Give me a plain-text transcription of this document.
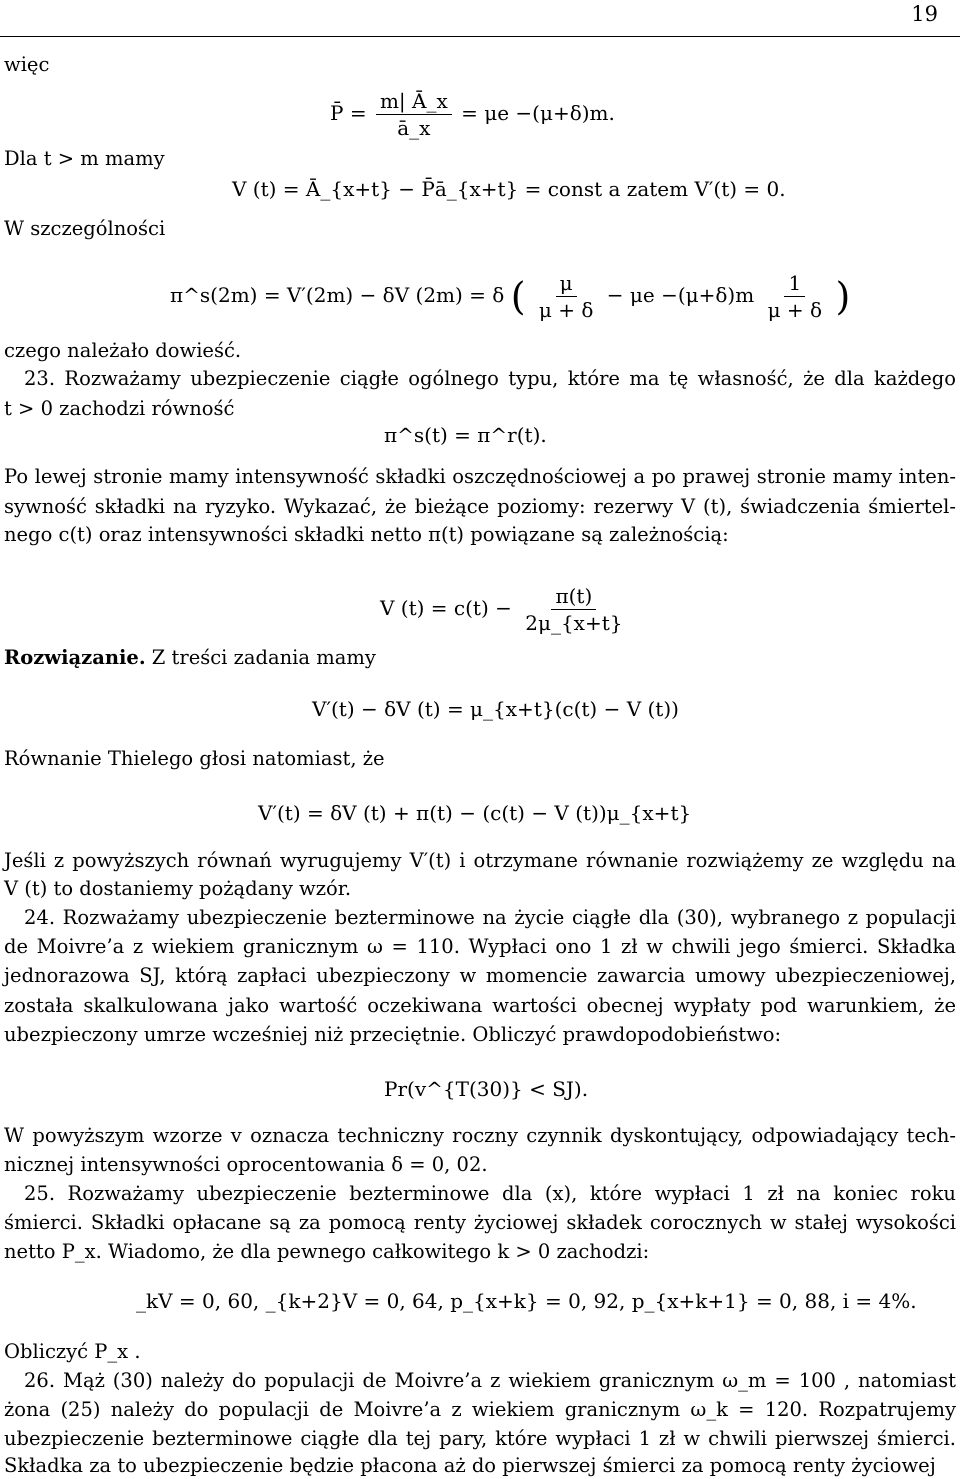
19
więc
P̄ = $\frac{m| Ā\_x}{ā\_x} = \mu e -(\mu+\delta)m$.
Dla t > m mamy
V (t) = Ā_{x+t} − P̄ā_{x+t} = const a zatem V′(t) = 0.
W szczególności
π^s(2m) = V′(2m) − δV (2m) = δ ( $\frac{\mu}{\mu + \delta} - \mu e -(\mu+\delta)m \frac{1}{\mu + \delta}$ )
czego należało dowieść.
23. Rozważamy ubezpieczenie ciągłe ogólnego typu, które ma tę własność, że dla każdego
t > 0 zachodzi równość
π^s(t) = π^r(t).
Po lewej stronie mamy intensywność składki oszczędnościowej a po prawej stronie mamy inten-
sywność składki na ryzyko. Wykazać, że bieżące poziomy: rezerwy V (t), świadczenia śmiertel-
nego c(t) oraz intensywności składki netto π(t) powiązane są zależnością:
V $(t) = c(t) - \frac{\pi(t)}{2\mu\_\{x+t\}}$
Rozwiązanie. Z treści zadania mamy
V′(t) − δV (t) = μ_{x+t}(c(t) − V (t))
Równanie Thielego głosi natomiast, że
V′(t) = δV (t) + π(t) − (c(t) − V (t))μ_{x+t}
Jeśli z powyższych równań wyrugujemy V′(t) i otrzymane równanie rozwiążemy ze względu na
V (t) to dostaniemy pożądany wzór.
24. Rozważamy ubezpieczenie bezterminowe na życie ciągłe dla (30), wybranego z populacji
de Moivre’a z wiekiem granicznym ω = 110. Wypłaci ono 1 zł w chwili jego śmierci. Składka
jednorazowa SJ, którą zapłaci ubezpieczony w momencie zawarcia umowy ubezpieczeniowej,
została skalkulowana jako wartość oczekiwana wartości obecnej wypłaty pod warunkiem, że
ubezpieczony umrze wcześniej niż przeciętnie. Obliczyć prawdopodobieństwo:
Pr(v^{T(30)} < SJ).
W powyższym wzorze v oznacza techniczny roczny czynnik dyskontujący, odpowiadający tech-
nicznej intensywności oprocentowania δ = 0, 02.
25. Rozważamy ubezpieczenie bezterminowe dla (x), które wypłaci 1 zł na koniec roku
śmierci. Składki opłacane są za pomocą renty życiowej składek corocznych w stałej wysokości
netto P_x. Wiadomo, że dla pewnego całkowitego k > 0 zachodzi:
_kV = 0, 60, _{k+2}V = 0, 64, p_{x+k} = 0, 92, p_{x+k+1} = 0, 88, i = 4%.
Obliczyć P_x .
26. Mąż (30) należy do populacji de Moivre’a z wiekiem granicznym ω_m = 100 , natomiast
żona (25) należy do populacji de Moivre’a z wiekiem granicznym ω_k = 120. Rozpatrujemy
ubezpieczenie bezterminowe ciągłe dla tej pary, które wypłaci 1 zł w chwili pierwszej śmierci.
Składka za to ubezpieczenie będzie płacona aż do pierwszej śmierci za pomocą renty życiowej
